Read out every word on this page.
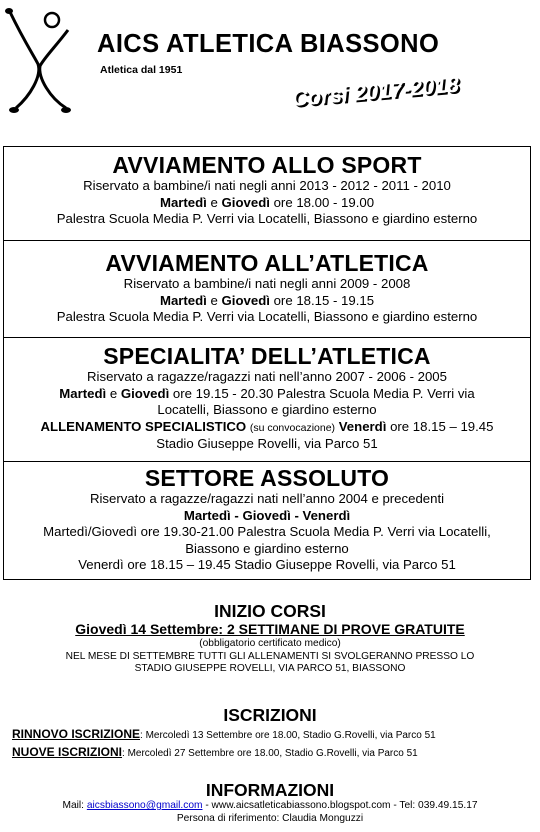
AICS ATLETICA BIASSONO
Atletica dal 1951
Corsi 2017-2018
AVVIAMENTO ALLO SPORT
Riservato a bambine/i nati negli anni 2013 - 2012 - 2011 - 2010
Martedì e Giovedì ore 18.00 - 19.00
Palestra Scuola Media P. Verri via Locatelli, Biassono e giardino esterno
AVVIAMENTO ALL’ATLETICA
Riservato a bambine/i nati negli anni 2009 - 2008
Martedì e Giovedì ore 18.15 - 19.15
Palestra Scuola Media P. Verri via Locatelli, Biassono e giardino esterno
SPECIALITA’ DELL’ATLETICA
Riservato a ragazze/ragazzi nati nell’anno 2007 - 2006 - 2005
Martedì e Giovedì ore 19.15 - 20.30 Palestra Scuola Media P. Verri via
Locatelli, Biassono e giardino esterno
ALLENAMENTO SPECIALISTICO (su convocazione) Venerdì ore 18.15 – 19.45
Stadio Giuseppe Rovelli, via Parco 51
SETTORE ASSOLUTO
Riservato a ragazze/ragazzi nati nell’anno 2004 e precedenti
Martedì - Giovedì - Venerdì
Martedì/Giovedì ore 19.30-21.00 Palestra Scuola Media P. Verri via Locatelli,
Biassono e giardino esterno
Venerdì ore 18.15 – 19.45 Stadio Giuseppe Rovelli, via Parco 51
INIZIO CORSI
Giovedì 14 Settembre: 2 SETTIMANE DI PROVE GRATUITE
(obbligatorio certificato medico)
NEL MESE DI SETTEMBRE TUTTI GLI ALLENAMENTI SI SVOLGERANNO PRESSO LO
STADIO GIUSEPPE ROVELLI, VIA PARCO 51, BIASSONO
ISCRIZIONI
RINNOVO ISCRIZIONE: Mercoledì 13 Settembre ore 18.00, Stadio G.Rovelli, via Parco 51
NUOVE ISCRIZIONI: Mercoledì 27 Settembre ore 18.00, Stadio G.Rovelli, via Parco 51
INFORMAZIONI
Mail: aicsbiassono@gmail.com - www.aicsatleticabiassono.blogspot.com - Tel: 039.49.15.17
Persona di riferimento: Claudia Monguzzi
